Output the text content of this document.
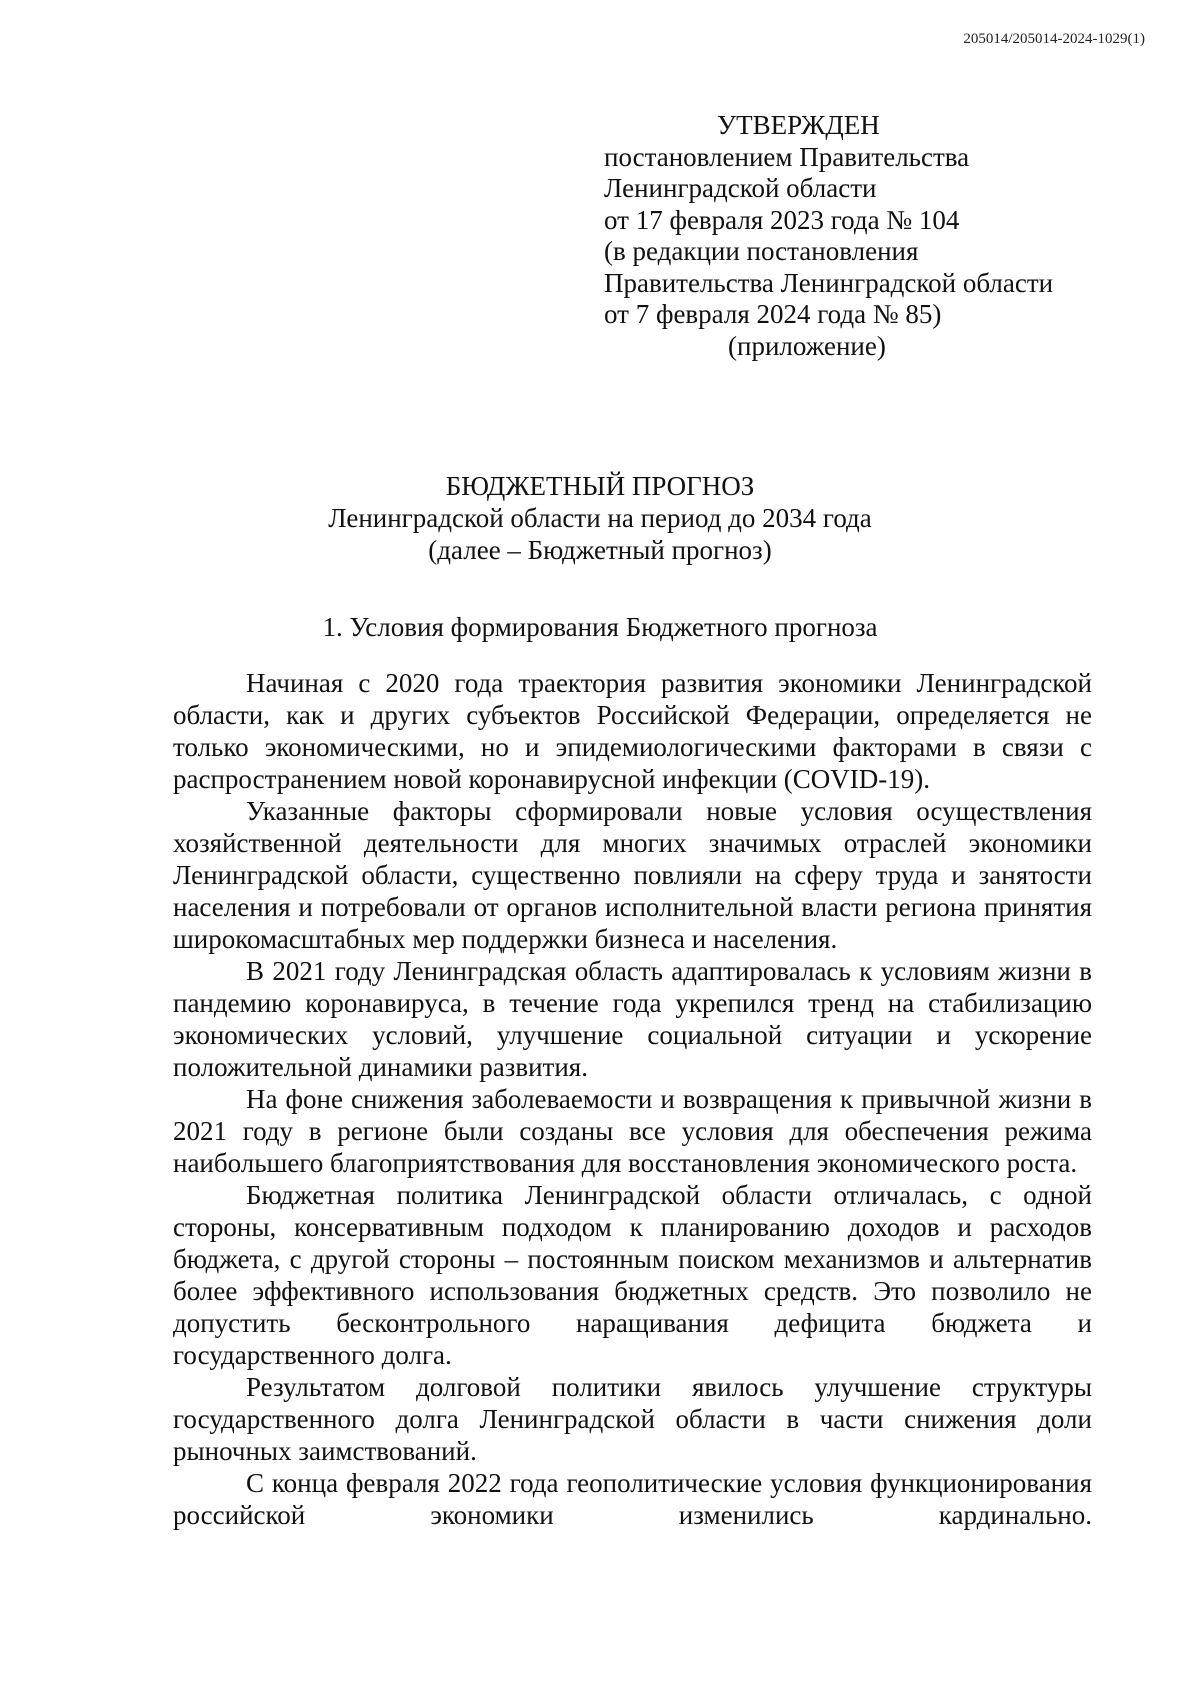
205014/205014-2024-1029(1)
УТВЕРЖДЕН
постановлением Правительства
Ленинградской области
от 17 февраля 2023 года № 104
(в редакции постановления
Правительства Ленинградской области
от 7 февраля 2024 года № 85)
(приложение)
БЮДЖЕТНЫЙ ПРОГНОЗ
Ленинградской области на период до 2034 года
(далее – Бюджетный прогноз)
1. Условия формирования Бюджетного прогноза

Начиная с 2020 года траектория развития экономики Ленинградской области, как и других субъектов Российской Федерации, определяется не только экономическими, но и эпидемиологическими факторами в связи с распространением новой коронавирусной инфекции (COVID-19).

Указанные факторы сформировали новые условия осуществления хозяйственной деятельности для многих значимых отраслей экономики Ленинградской области, существенно повлияли на сферу труда и занятости населения и потребовали от органов исполнительной власти региона принятия широкомасштабных мер поддержки бизнеса и населения.

В 2021 году Ленинградская область адаптировалась к условиям жизни в пандемию коронавируса, в течение года укрепился тренд на стабилизацию экономических условий, улучшение социальной ситуации и ускорение положительной динамики развития.

На фоне снижения заболеваемости и возвращения к привычной жизни в 2021 году в регионе были созданы все условия для обеспечения режима наибольшего благоприятствования для восстановления экономического роста.

Бюджетная политика Ленинградской области отличалась, с одной стороны, консервативным подходом к планированию доходов и расходов бюджета, с другой стороны – постоянным поиском механизмов и альтернатив более эффективного использования бюджетных средств. Это позволило не допустить бесконтрольного наращивания дефицита бюджета и государственного долга.

Результатом долговой политики явилось улучшение структуры государственного долга Ленинградской области в части снижения доли рыночных заимствований.

С конца февраля 2022 года геополитические условия функционирования российской экономики изменились кардинально.
